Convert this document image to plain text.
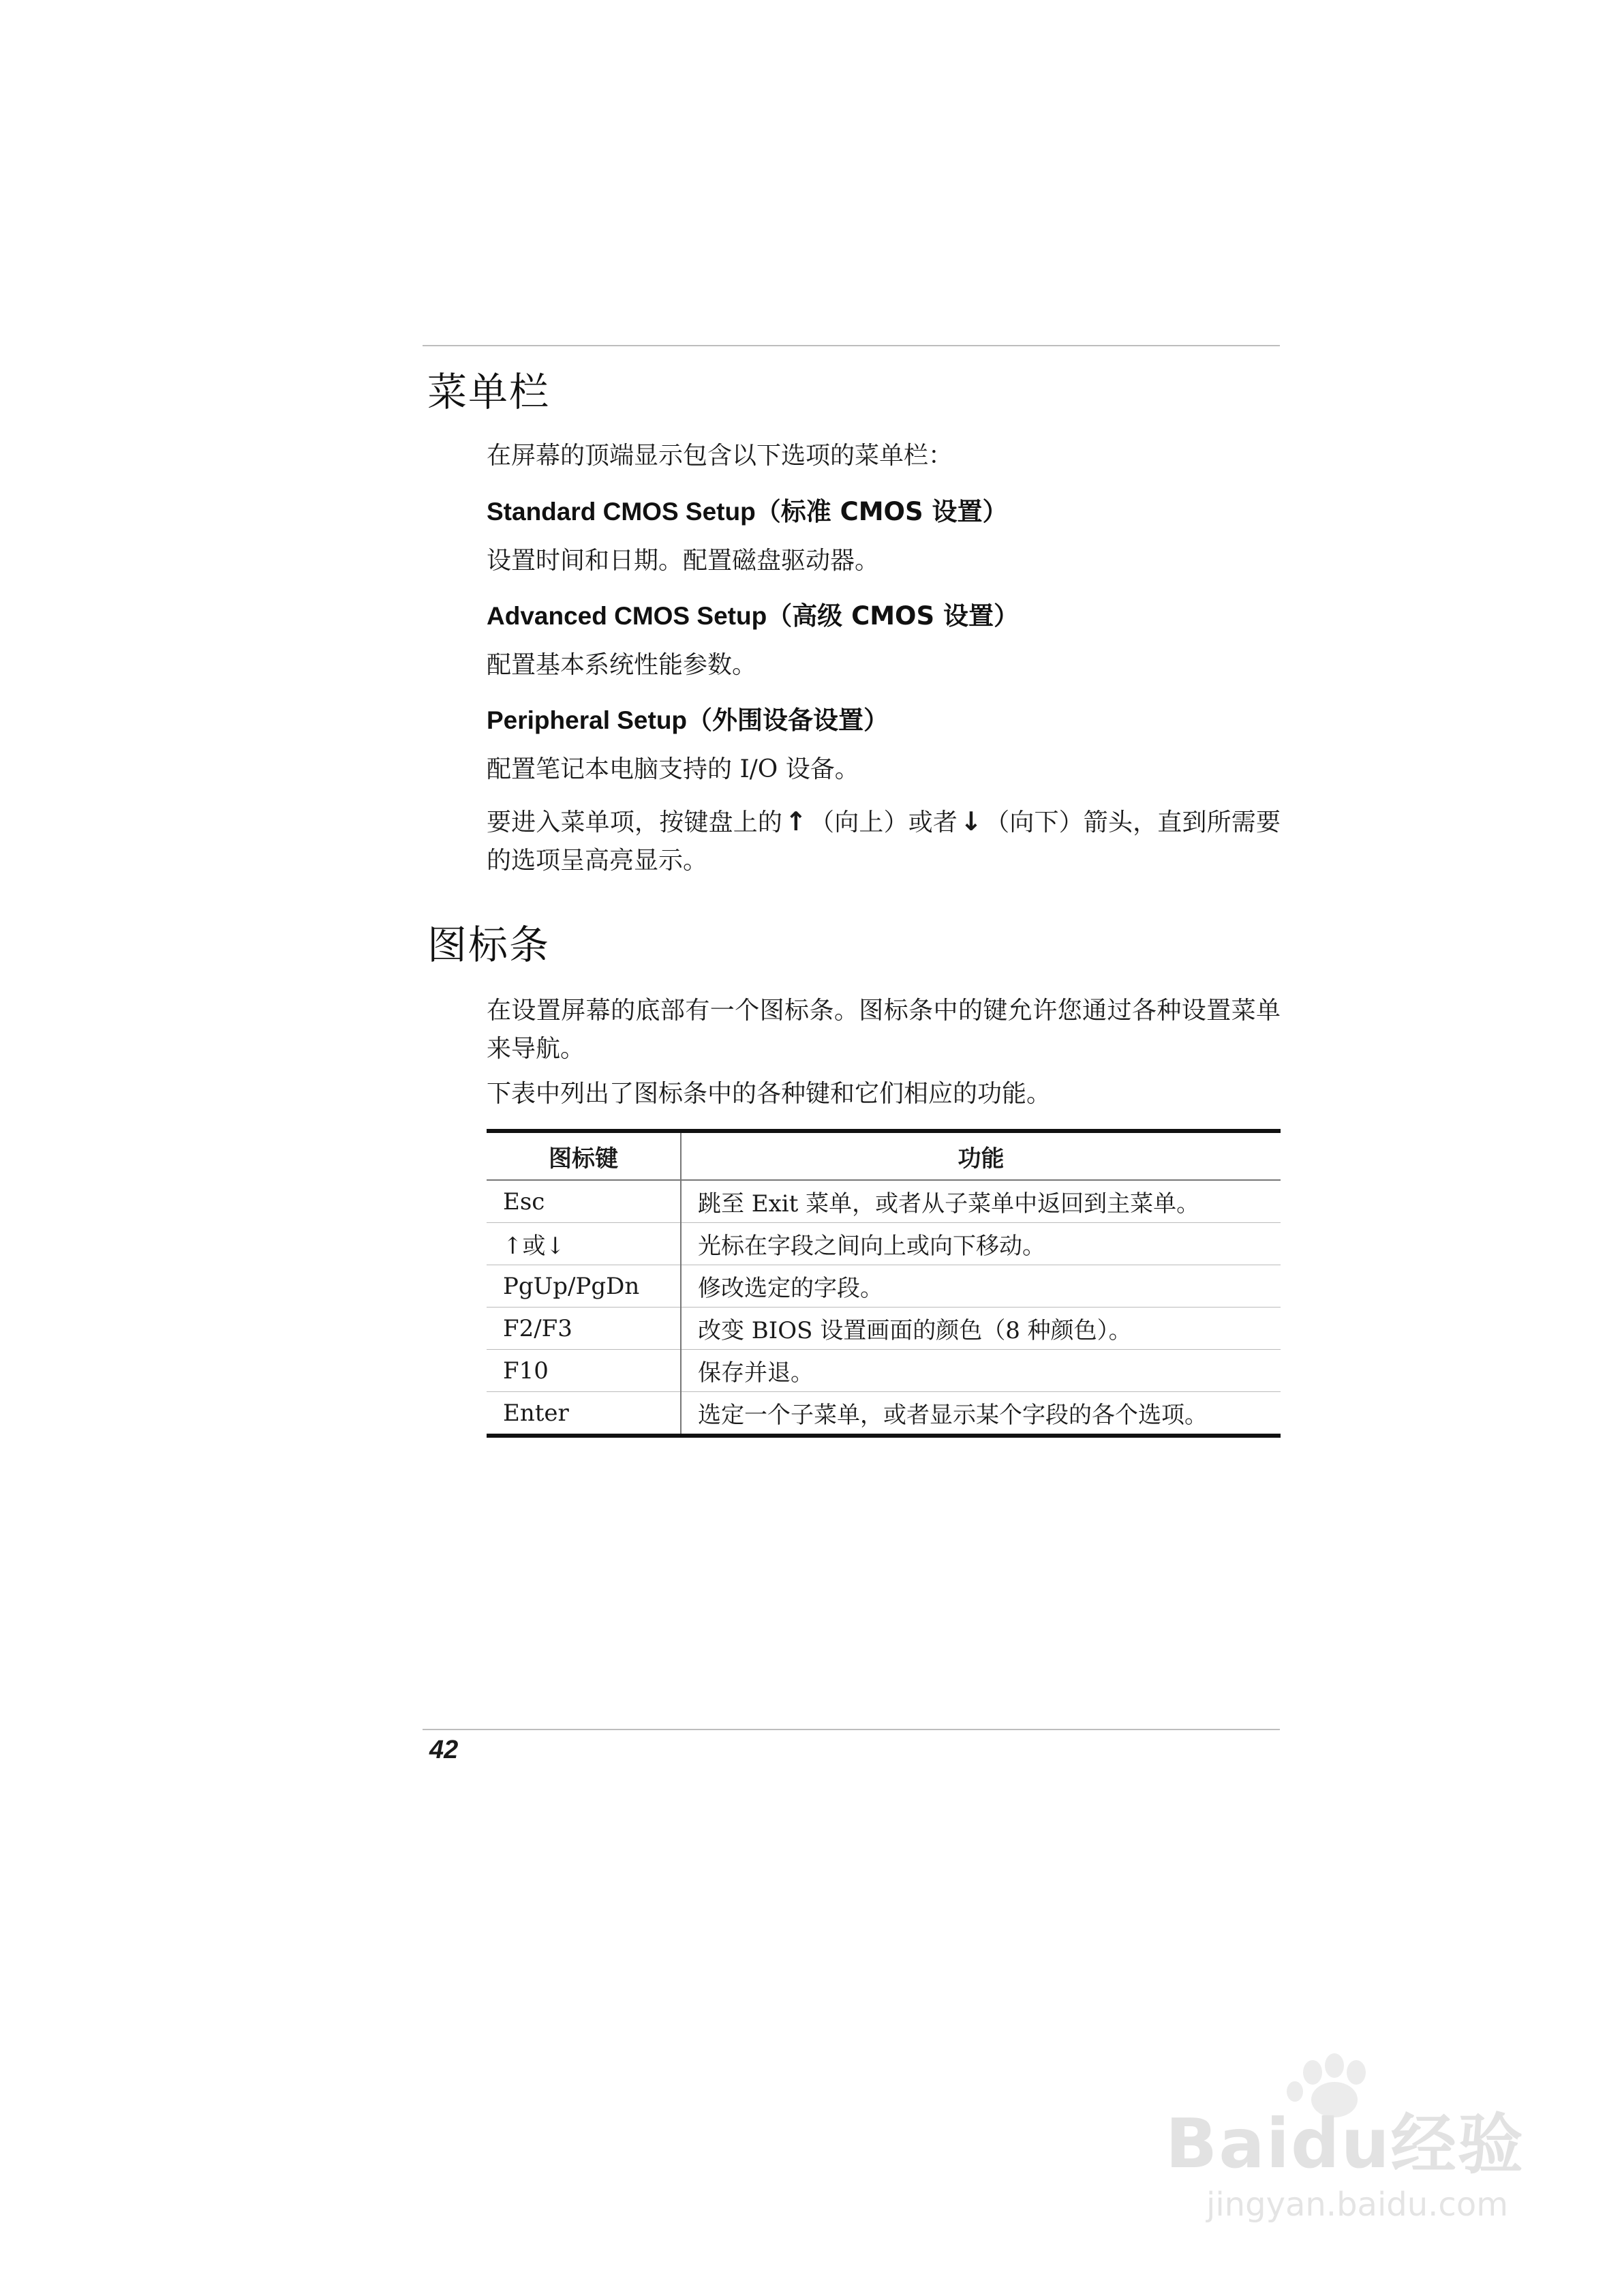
菜单栏
在屏幕的顶端显示包含以下选项的菜单栏：
Standard CMOS Setup（标准 CMOS 设置）
设置时间和日期。配置磁盘驱动器。
Advanced CMOS Setup（高级 CMOS 设置）
配置基本系统性能参数。
Peripheral Setup（外围设备设置）
配置笔记本电脑支持的 I/O 设备。
要进入菜单项，按键盘上的 ↑ （向上）或者 ↓ （向下）箭头，直到所需要的选项呈高亮显示。
图标条
在设置屏幕的底部有一个图标条。图标条中的键允许您通过各种设置菜单来导航。
下表中列出了图标条中的各种键和它们相应的功能。
图标键	功能
Esc	跳至 Exit 菜单，或者从子菜单中返回到主菜单。
↑或↓	光标在字段之间向上或向下移动。
PgUp/PgDn	修改选定的字段。
F2/F3	改变 BIOS 设置画面的颜色（8 种颜色）。
F10	保存并退。
Enter	选定一个子菜单，或者显示某个字段的各个选项。
42
Baidu经验
jingyan.baidu.com
